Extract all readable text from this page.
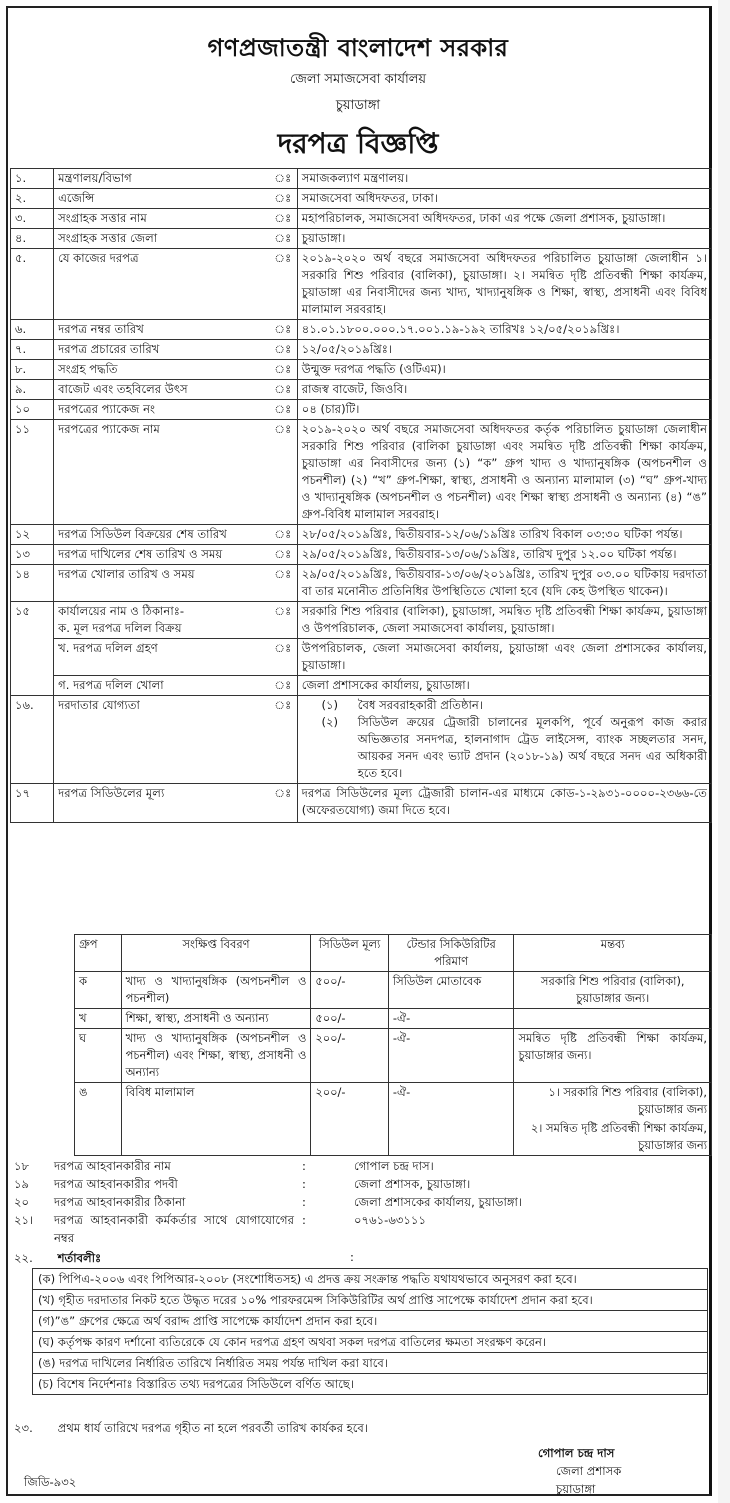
গণপ্রজাতন্ত্রী বাংলাদেশ সরকার
জেলা সমাজসেবা কার্যালয়
চুয়াডাঙ্গা
দরপত্র বিজ্ঞপ্তি
১.	মন্ত্রণালয়/বিভাগ	ঃ	সমাজকল্যাণ মন্ত্রণালয়।
২.	এজেন্সি	ঃ	সমাজসেবা অধিদফতর, ঢাকা।
৩.	সংগ্রাহক সত্তার নাম	ঃ	মহাপরিচালক, সমাজসেবা অধিদফতর, ঢাকা এর পক্ষে জেলা প্রশাসক, চুয়াডাঙ্গা।
৪.	সংগ্রাহক সত্তার জেলা	ঃ	চুয়াডাঙ্গা।
৫.	যে কাজের দরপত্র	ঃ	২০১৯-২০২০ অর্থ বছরে সমাজসেবা অধিদফতর পরিচালিত চুয়াডাঙ্গা জেলাধীন ১। সরকারি শিশু পরিবার (বালিকা), চুয়াডাঙ্গা। ২। সমন্বিত দৃষ্টি প্রতিবন্ধী শিক্ষা কার্যক্রম, চুয়াডাঙ্গা এর নিবাসীদের জন্য খাদ্য, খাদ্যানুষঙ্গিক ও শিক্ষা, স্বাস্থ্য, প্রসাধনী এবং বিবিধ মালামাল সরবরাহ।
৬.	দরপত্র নম্বর তারিখ	ঃ	৪১.০১.১৮০০.০০০.১৭.০০১.১৯-১৯২ তারিখঃ ১২/০৫/২০১৯খ্রিঃ।
৭.	দরপত্র প্রচারের তারিখ	ঃ	১২/০৫/২০১৯খ্রিঃ।
৮.	সংগ্রহ পদ্ধতি	ঃ	উন্মুক্ত দরপত্র পদ্ধতি (ওটিএম)।
৯.	বাজেট এবং তহবিলের উৎস	ঃ	রাজস্ব বাজেট, জিওবি।
১০	দরপত্রের প্যাকেজ নং	ঃ	০৪ (চার)টি।
১১	দরপত্রের প্যাকেজ নাম	ঃ	২০১৯-২০২০ অর্থ বছরে সমাজসেবা অধিদফতর কর্তৃক পরিচালিত চুয়াডাঙ্গা জেলাধীন সরকারি শিশু পরিবার (বালিকা চুয়াডাঙ্গা এবং সমন্বিত দৃষ্টি প্রতিবন্ধী শিক্ষা কার্যক্রম, চুয়াডাঙ্গা এর নিবাসীদের জন্য (১) “ক” গ্রুপ খাদ্য ও খাদ্যানুষঙ্গিক (অপচনশীল ও পচনশীল) (২) “খ” গ্রুপ-শিক্ষা, স্বাস্থ্য, প্রসাধনী ও অন্যান্য মালামাল (৩) “ঘ” গ্রুপ-খাদ্য ও খাদ্যানুষঙ্গিক (অপচনশীল ও পচনশীল) এবং শিক্ষা স্বাস্থ্য প্রসাধনী ও অন্যান্য (৪) “ঙ” গ্রুপ-বিবিধ মালামাল সরবরাহ।
১২	দরপত্র সিডিউল বিক্রয়ের শেষ তারিখ	ঃ	২৮/০৫/২০১৯খ্রিঃ, দ্বিতীয়বার-১২/০৬/১৯খ্রিঃ তারিখ বিকাল ০৩:৩০ ঘটিকা পর্যন্ত।
১৩	দরপত্র দাখিলের শেষ তারিখ ও সময়	ঃ	২৯/০৫/২০১৯খ্রিঃ, দ্বিতীয়বার-১৩/০৬/১৯খ্রিঃ, তারিখ দুপুর ১২.০০ ঘটিকা পর্যন্ত।
১৪	দরপত্র খোলার তারিখ ও সময়	ঃ	২৯/০৫/২০১৯খ্রিঃ, দ্বিতীয়বার-১৩/০৬/২০১৯খ্রিঃ, তারিখ দুপুর ০৩.০০ ঘটিকায় দরদাতা বা তার মনোনীত প্রতিনিধির উপস্থিতিতে খোলা হবে (যদি কেহ উপস্থিত থাকেন)।
১৫	কার্যালয়ের নাম ও ঠিকানাঃ-
ক. মূল দরপত্র দলিল বিক্রয়	ঃ	সরকারি শিশু পরিবার (বালিকা), চুয়াডাঙ্গা, সমন্বিত দৃষ্টি প্রতিবন্ধী শিক্ষা কার্যক্রম, চুয়াডাঙ্গা ও উপপরিচালক, জেলা সমাজসেবা কার্যালয়, চুয়াডাঙ্গা।
	খ. দরপত্র দলিল গ্রহণ	ঃ	উপপরিচালক, জেলা সমাজসেবা কার্যালয়, চুয়াডাঙ্গা এবং জেলা প্রশাসকের কার্যালয়, চুয়াডাঙ্গা।
	গ. দরপত্র দলিল খোলা	ঃ	জেলা প্রশাসকের কার্যালয়, চুয়াডাঙ্গা।
১৬.	দরদাতার যোগ্যতা	ঃ	(১) বৈধ সরবরাহকারী প্রতিষ্ঠান।
(২) সিডিউল ক্রয়ের ট্রেজারী চালানের মূলকপি, পূর্বে অনুরূপ কাজ করার অভিজ্ঞতার সনদপত্র, হালনাগাদ ট্রেড লাইসেন্স, ব্যাংক সচ্ছলতার সনদ, আয়কর সনদ এবং ভ্যাট প্রদান (২০১৮-১৯) অর্থ বছরে সনদ এর অধিকারী হতে হবে।

১৭	দরপত্র সিডিউলের মূল্য	ঃ	দরপত্র সিডিউলের মূল্য ট্রেজারী চালান-এর মাধ্যমে কোড-১-২৯৩১-০০০০-২৩৬৬-তে (অফেরতযোগ্য) জমা দিতে হবে।
গ্রুপ	সংক্ষিপ্ত বিবরণ	সিডিউল মূল্য	টেন্ডার সিকিউরিটির পরিমাণ	মন্তব্য
ক	খাদ্য ও খাদ্যানুষঙ্গিক (অপচনশীল ও পচনশীল)	৫০০/-	সিডিউল মোতাবেক	সরকারি শিশু পরিবার (বালিকা), চুয়াডাঙ্গার জন্য।

খ	শিক্ষা, স্বাস্থ্য, প্রসাধনী ও অন্যান্য	৫০০/-	-ঐ-	

ঘ	খাদ্য ও খাদ্যানুষঙ্গিক (অপচনশীল ও পচনশীল) এবং শিক্ষা, স্বাস্থ্য, প্রসাধনী ও অন্যান্য	২০০/-	-ঐ-	সমন্বিত দৃষ্টি প্রতিবন্ধী শিক্ষা কার্যক্রম, চুয়াডাঙ্গার জন্য।

ঙ	বিবিধ মালামাল	২০০/-	-ঐ-	১। সরকারি শিশু পরিবার (বালিকা), চুয়াডাঙ্গার জন্য
২। সমন্বিত দৃষ্টি প্রতিবন্ধী শিক্ষা কার্যক্রম, চুয়াডাঙ্গার জন্য
১৮	দরপত্র আহবানকারীর নাম	:	গোপাল চন্দ্র দাস।
১৯	দরপত্র আহবানকারীর পদবী	:	জেলা প্রশাসক, চুয়াডাঙ্গা।
২০	দরপত্র আহবানকারীর ঠিকানা	:	জেলা প্রশাসকের কার্যালয়, চুয়াডাঙ্গা।
২১।	দরপত্র আহবানকারী কর্মকর্তার সাথে যোগাযোগের নম্বর	:	০৭৬১-৬৩১১১
২২. শর্তাবলীঃ	:
(ক) পিপিএ-২০০৬ এবং পিপিআর-২০০৮ (সংশোধিতসহ) এ প্রদত্ত ক্রয় সংক্রান্ত পদ্ধতি যথাযথভাবে অনুসরণ করা হবে।
(খ) গৃহীত দরদাতার নিকট হতে উদ্ধৃত দরের ১০% পারফরমেন্স সিকিউরিটির অর্থ প্রাপ্তি সাপেক্ষে কার্যাদেশ প্রদান করা হবে।
(গ)”ঙ” গ্রুপের ক্ষেত্রে অর্থ বরাদ্দ প্রাপ্তি সাপেক্ষে কার্যাদেশ প্রদান করা হবে।
(ঘ) কর্তৃপক্ষ কারণ দর্শানো ব্যতিরেকে যে কোন দরপত্র গ্রহণ অথবা সকল দরপত্র বাতিলের ক্ষমতা সংরক্ষণ করেন।
(ঙ) দরপত্র দাখিলের নির্ধারিত তারিখে নির্ধারিত সময় পর্যন্ত দাখিল করা যাবে।
(চ) বিশেষ নির্দেশনাঃ বিস্তারিত তথ্য দরপত্রের সিডিউলে বর্ণিত আছে।
২৩. প্রথম ধার্য তারিখে দরপত্র গৃহীত না হলে পরবর্তী তারিখ কার্যকর হবে।
গোপাল চন্দ্র দাস
জেলা প্রশাসক
চুয়াডাঙ্গা
জিডি-৯৩২
